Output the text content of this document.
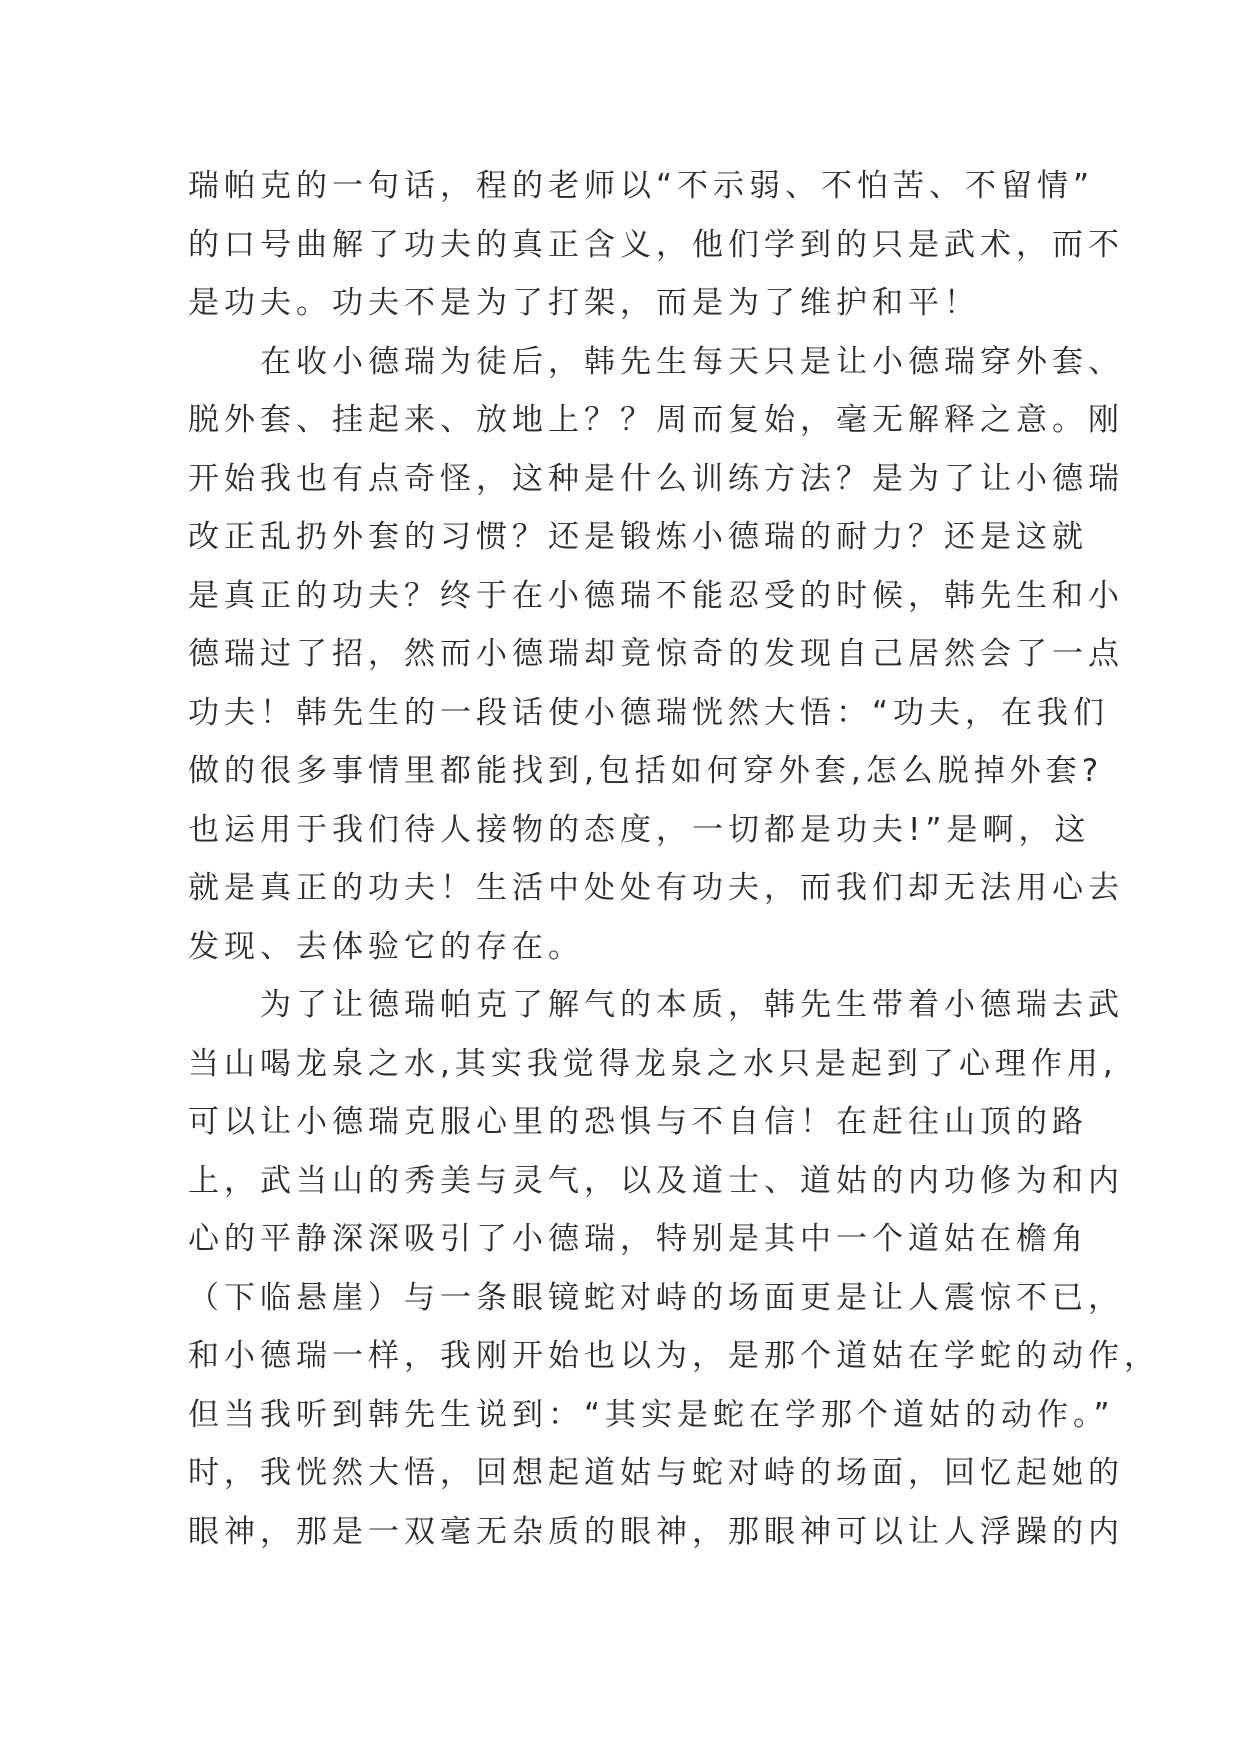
瑞帕克的一句话，程的老师以“不示弱、不怕苦、不留情”

的口号曲解了功夫的真正含义，他们学到的只是武术，而不

是功夫。功夫不是为了打架，而是为了维护和平！

　　在收小德瑞为徒后，韩先生每天只是让小德瑞穿外套、

脱外套、挂起来、放地上？？周而复始，毫无解释之意。刚

开始我也有点奇怪，这种是什么训练方法？是为了让小德瑞

改正乱扔外套的习惯？还是锻炼小德瑞的耐力？还是这就

是真正的功夫？终于在小德瑞不能忍受的时候，韩先生和小

德瑞过了招，然而小德瑞却竟惊奇的发现自己居然会了一点

功夫！韩先生的一段话使小德瑞恍然大悟：“功夫，在我们

做的很多事情里都能找到,包括如何穿外套,怎么脱掉外套?

也运用于我们待人接物的态度，一切都是功夫!”是啊，这

就是真正的功夫！生活中处处有功夫，而我们却无法用心去

发现、去体验它的存在。

　　为了让德瑞帕克了解气的本质，韩先生带着小德瑞去武

当山喝龙泉之水,其实我觉得龙泉之水只是起到了心理作用,

可以让小德瑞克服心里的恐惧与不自信！在赶往山顶的路

上，武当山的秀美与灵气，以及道士、道姑的内功修为和内

心的平静深深吸引了小德瑞，特别是其中一个道姑在檐角

（下临悬崖）与一条眼镜蛇对峙的场面更是让人震惊不已，

和小德瑞一样，我刚开始也以为，是那个道姑在学蛇的动作，

但当我听到韩先生说到：“其实是蛇在学那个道姑的动作。”

时，我恍然大悟，回想起道姑与蛇对峙的场面，回忆起她的

眼神，那是一双毫无杂质的眼神，那眼神可以让人浮躁的内
